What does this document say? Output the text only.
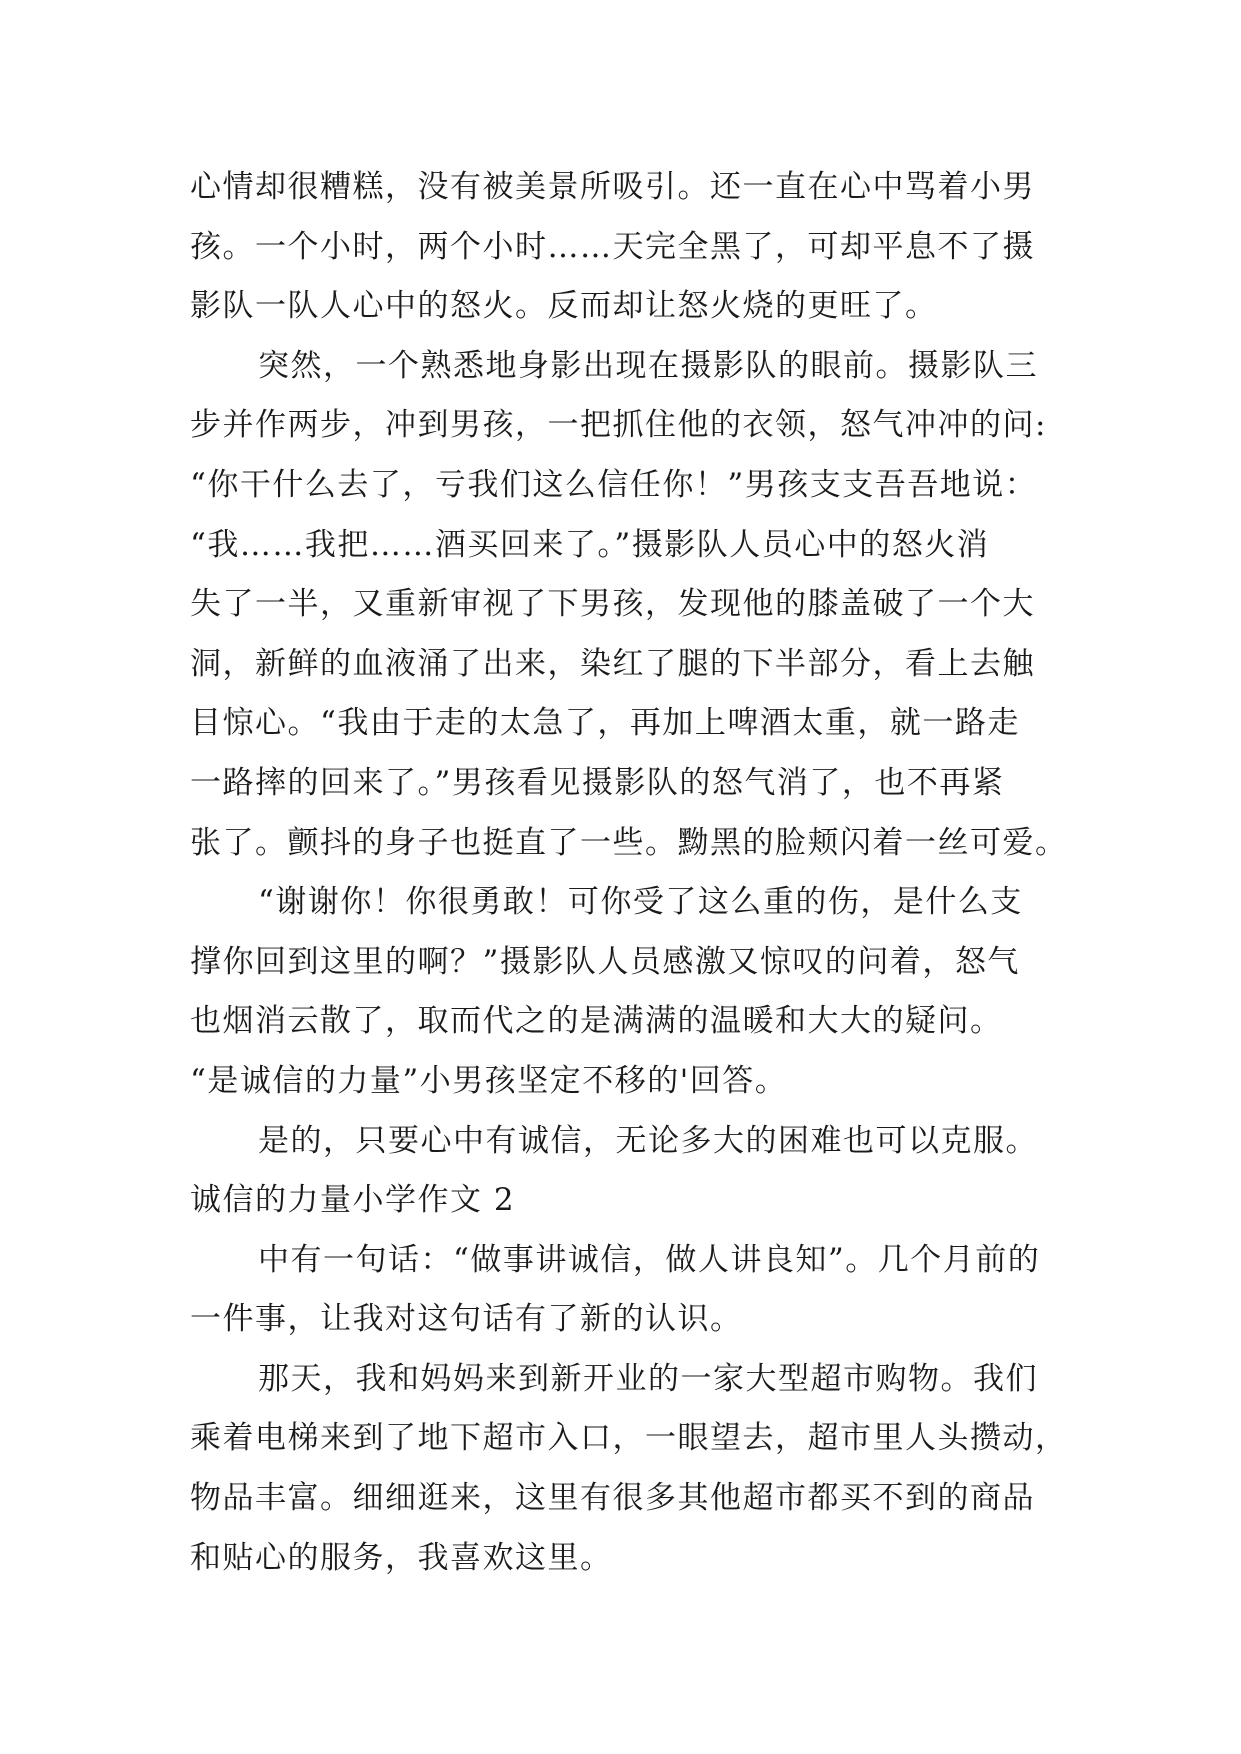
心情却很糟糕，没有被美景所吸引。还一直在心中骂着小男
孩。一个小时，两个小时……天完全黑了，可却平息不了摄
影队一队人心中的怒火。反而却让怒火烧的更旺了。
突然，一个熟悉地身影出现在摄影队的眼前。摄影队三
步并作两步，冲到男孩，一把抓住他的衣领，怒气冲冲的问:
“你干什么去了，亏我们这么信任你！”男孩支支吾吾地说：
“我……我把……酒买回来了。”摄影队人员心中的怒火消
失了一半，又重新审视了下男孩，发现他的膝盖破了一个大
洞，新鲜的血液涌了出来，染红了腿的下半部分，看上去触
目惊心。“我由于走的太急了，再加上啤酒太重，就一路走
一路摔的回来了。”男孩看见摄影队的怒气消了，也不再紧
张了。颤抖的身子也挺直了一些。黝黑的脸颊闪着一丝可爱。
“谢谢你！你很勇敢！可你受了这么重的伤，是什么支
撑你回到这里的啊？”摄影队人员感激又惊叹的问着，怒气
也烟消云散了，取而代之的是满满的温暖和大大的疑问。
“是诚信的力量”小男孩坚定不移的'回答。
是的，只要心中有诚信，无论多大的困难也可以克服。
诚信的力量小学作文 2
中有一句话：“做事讲诚信，做人讲良知”。几个月前的
一件事，让我对这句话有了新的认识。
那天，我和妈妈来到新开业的一家大型超市购物。我们
乘着电梯来到了地下超市入口，一眼望去，超市里人头攒动，
物品丰富。细细逛来，这里有很多其他超市都买不到的商品
和贴心的服务，我喜欢这里。
